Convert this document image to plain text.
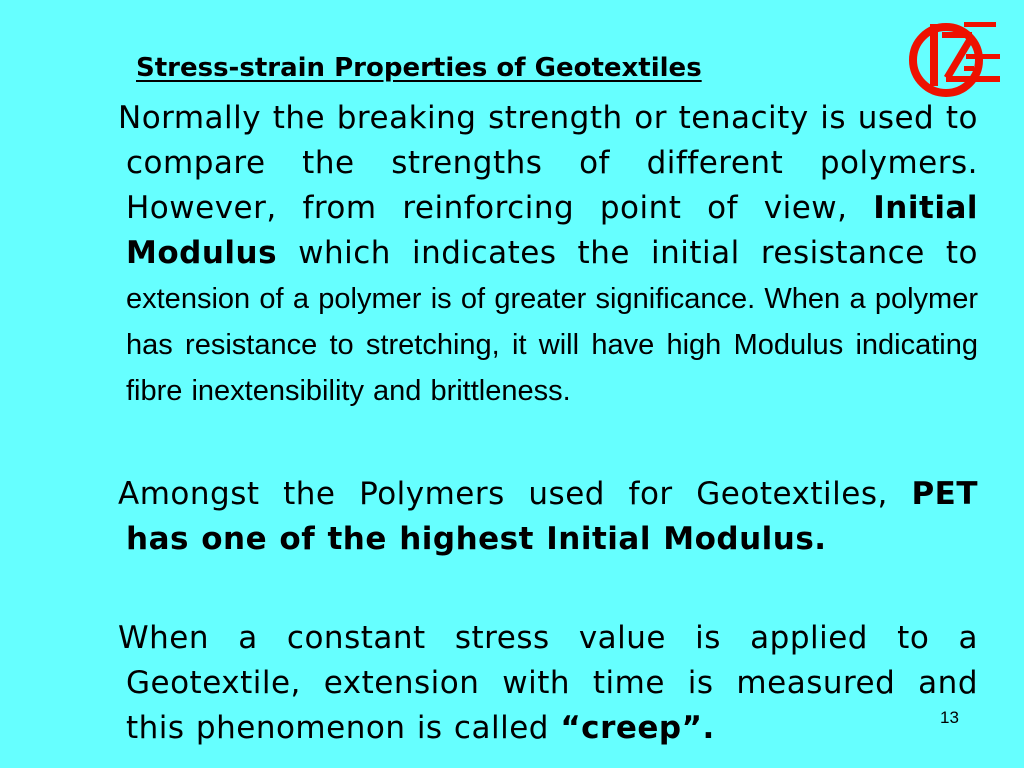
Stress-strain Properties of Geotextiles

Normally the breaking strength or tenacity is used to compare the strengths of different polymers. However, from reinforcing point of view, Initial Modulus which indicates the initial resistance to extension of a polymer is of greater significance. When a polymer has resistance to stretching, it will have high Modulus indicating fibre inextensibility and brittleness.

Amongst the Polymers used for Geotextiles, PET has one of the highest Initial Modulus.

When a constant stress value is applied to a Geotextile, extension with time is measured and this phenomenon is called “creep”.	13
